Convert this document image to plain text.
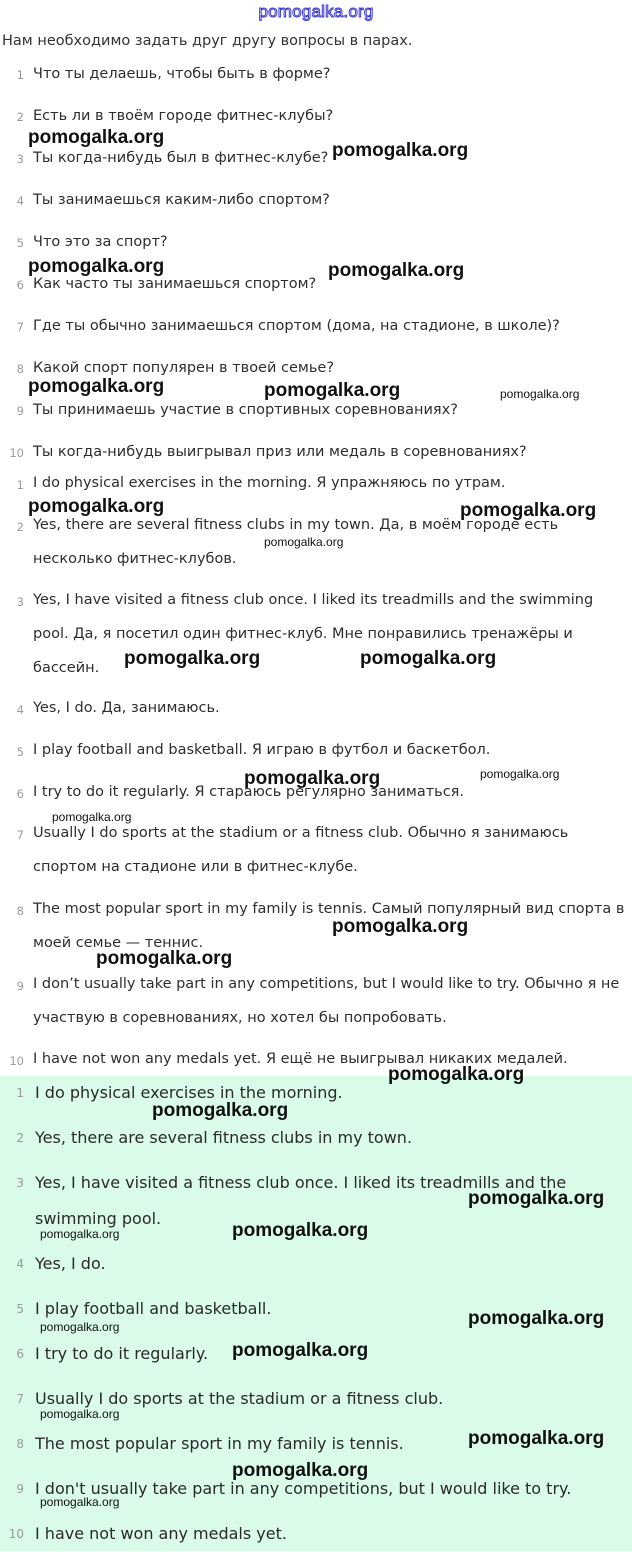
pomogalka.org
Нам необходимо задать друг другу вопросы в парах.
1 Что ты делаешь, чтобы быть в форме?
2 Есть ли в твоём городе фитнес-клубы?
3 Ты когда-нибудь был в фитнес-клубе?
4 Ты занимаешься каким-либо спортом?
5 Что это за спорт?
6 Как часто ты занимаешься спортом?
7 Где ты обычно занимаешься спортом (дома, на стадионе, в школе)?
8 Какой спорт популярен в твоей семье?
9 Ты принимаешь участие в спортивных соревнованиях?
10 Ты когда-нибудь выигрывал приз или медаль в соревнованиях?
1 I do physical exercises in the morning. Я упражняюсь по утрам.
2 Yes, there are several fitness clubs in my town. Да, в моём городе есть несколько фитнес-клубов.
3 Yes, I have visited a fitness club once. I liked its treadmills and the swimming pool. Да, я посетил один фитнес-клуб. Мне понравились тренажёры и бассейн.
4 Yes, I do. Да, занимаюсь.
5 I play football and basketball. Я играю в футбол и баскетбол.
6 I try to do it regularly. Я стараюсь регулярно заниматься.
7 Usually I do sports at the stadium or a fitness club. Обычно я занимаюсь спортом на стадионе или в фитнес-клубе.
8 The most popular sport in my family is tennis. Самый популярный вид спорта в моей семье — теннис.
9 I don’t usually take part in any competitions, but I would like to try. Обычно я не участвую в соревнованиях, но хотел бы попробовать.
10 I have not won any medals yet. Я ещё не выигрывал никаких медалей.
1 I do physical exercises in the morning.
2 Yes, there are several fitness clubs in my town.
3 Yes, I have visited a fitness club once. I liked its treadmills and the swimming pool.
4 Yes, I do.
5 I play football and basketball.
6 I try to do it regularly.
7 Usually I do sports at the stadium or a fitness club.
8 The most popular sport in my family is tennis.
9 I don't usually take part in any competitions, but I would like to try.
10 I have not won any medals yet.
pomogalka.org
pomogalka.org
pomogalka.org	pomogalka.org
pomogalka.org	pomogalka.org	pomogalka.org
pomogalka.org	pomogalka.org
pomogalka.org
pomogalka.org	pomogalka.org
pomogalka.org	pomogalka.org
pomogalka.org
pomogalka.org
pomogalka.org
pomogalka.org
pomogalka.org
pomogalka.org
pomogalka.org
pomogalka.org
pomogalka.org
pomogalka.org
pomogalka.org
pomogalka.org
pomogalka.org
pomogalka.org
pomogalka.org
